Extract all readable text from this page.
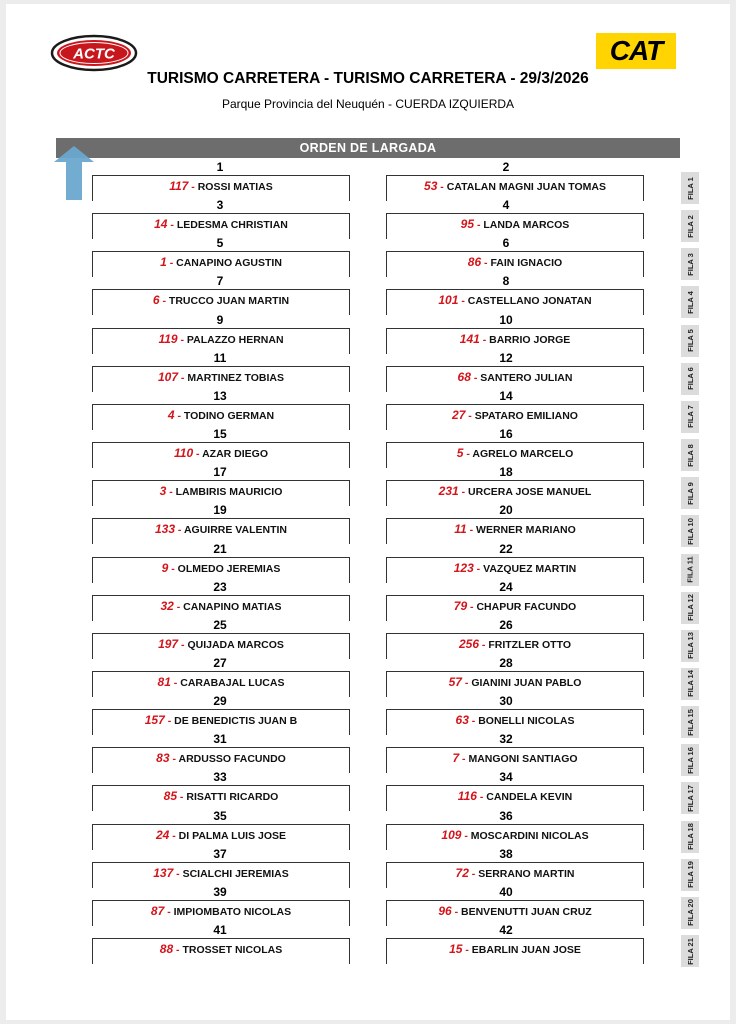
ACTC	CAT
TURISMO CARRETERA - TURISMO CARRETERA - 29/3/2026
Parque Provincia del Neuquén - CUERDA IZQUIERDA
ORDEN DE LARGADA
1
117 - ROSSI MATIAS
2
53 - CATALAN MAGNI JUAN TOMAS	FILA 1
3
14 - LEDESMA CHRISTIAN
4
95 - LANDA MARCOS	FILA 2
5
1 - CANAPINO AGUSTIN
6
86 - FAIN IGNACIO	FILA 3
7
6 - TRUCCO JUAN MARTIN
8
101 - CASTELLANO JONATAN	FILA 4
9
119 - PALAZZO HERNAN
10
141 - BARRIO JORGE	FILA 5
11
107 - MARTINEZ TOBIAS
12
68 - SANTERO JULIAN	FILA 6
13
4 - TODINO GERMAN
14
27 - SPATARO EMILIANO	FILA 7
15
110 - AZAR DIEGO
16
5 - AGRELO MARCELO	FILA 8
17
3 - LAMBIRIS MAURICIO
18
231 - URCERA JOSE MANUEL	FILA 9
19
133 - AGUIRRE VALENTIN
20
11 - WERNER MARIANO	FILA 10
21
9 - OLMEDO JEREMIAS
22
123 - VAZQUEZ MARTIN	FILA 11
23
32 - CANAPINO MATIAS
24
79 - CHAPUR FACUNDO	FILA 12
25
197 - QUIJADA MARCOS
26
256 - FRITZLER OTTO	FILA 13
27
81 - CARABAJAL LUCAS
28
57 - GIANINI JUAN PABLO	FILA 14
29
157 - DE BENEDICTIS JUAN B
30
63 - BONELLI NICOLAS	FILA 15
31
83 - ARDUSSO FACUNDO
32
7 - MANGONI SANTIAGO	FILA 16
33
85 - RISATTI RICARDO
34
116 - CANDELA KEVIN	FILA 17
35
24 - DI PALMA LUIS JOSE
36
109 - MOSCARDINI NICOLAS	FILA 18
37
137 - SCIALCHI JEREMIAS
38
72 - SERRANO MARTIN	FILA 19
39
87 - IMPIOMBATO NICOLAS
40
96 - BENVENUTTI JUAN CRUZ	FILA 20
41
88 - TROSSET NICOLAS
42
15 - EBARLIN JUAN JOSE	FILA 21
